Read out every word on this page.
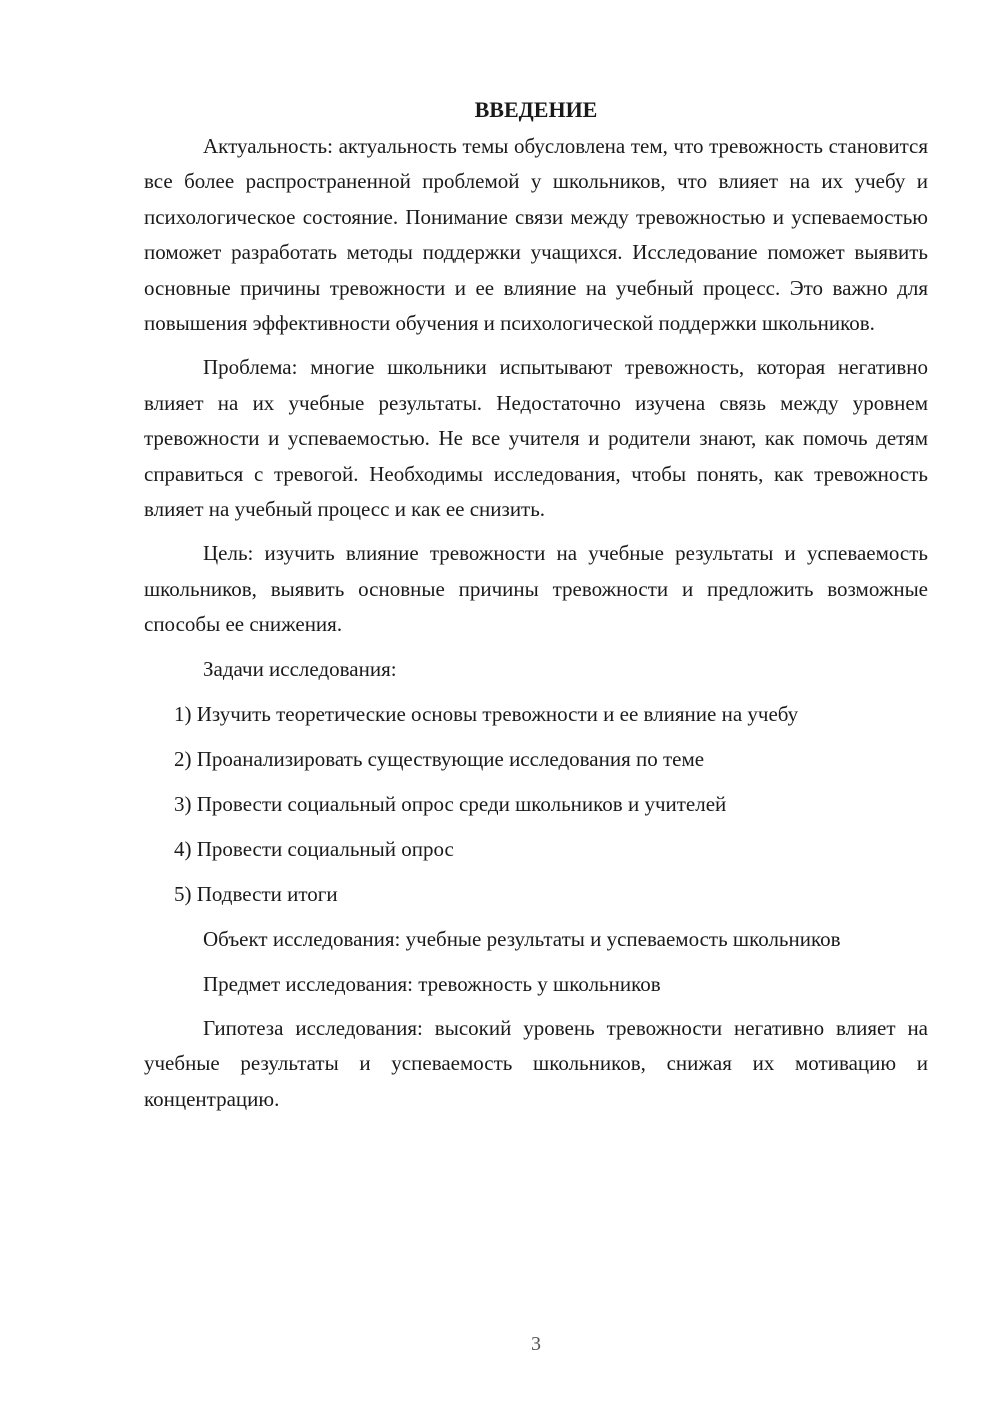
ВВЕДЕНИЕ

Актуальность: актуальность темы обусловлена тем, что тревожность становится все более распространенной проблемой у школьников, что влияет на их учебу и психологическое состояние. Понимание связи между тревожностью и успеваемостью поможет разработать методы поддержки учащихся. Исследование поможет выявить основные причины тревожности и ее влияние на учебный процесс. Это важно для повышения эффективности обучения и психологической поддержки школьников.

Проблема: многие школьники испытывают тревожность, которая негативно влияет на их учебные результаты. Недостаточно изучена связь между уровнем тревожности и успеваемостью. Не все учителя и родители знают, как помочь детям справиться с тревогой. Необходимы исследования, чтобы понять, как тревожность влияет на учебный процесс и как ее снизить.

Цель: изучить влияние тревожности на учебные результаты и успеваемость школьников, выявить основные причины тревожности и предложить возможные способы ее снижения.

Задачи исследования:

1) Изучить теоретические основы тревожности и ее влияние на учебу
2) Проанализировать существующие исследования по теме
3) Провести социальный опрос среди школьников и учителей
4) Провести социальный опрос
5) Подвести итоги

Объект исследования: учебные результаты и успеваемость школьников

Предмет исследования: тревожность у школьников

Гипотеза исследования: высокий уровень тревожности негативно влияет на учебные результаты и успеваемость школьников, снижая их мотивацию и концентрацию.

3
